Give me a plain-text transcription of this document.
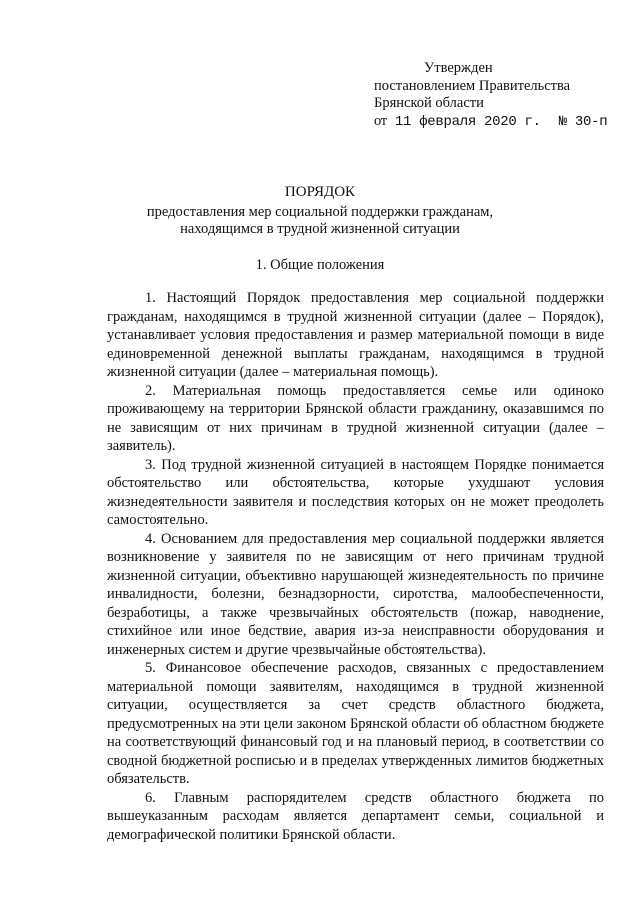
Утвержден
постановлением Правительства
Брянской области
от 11 февраля 2020 г. № 30-п
ПОРЯДОК
предоставления мер социальной поддержки гражданам,
находящимся в трудной жизненной ситуации
1. Общие положения

1. Настоящий Порядок предоставления мер социальной поддержки гражданам, находящимся в трудной жизненной ситуации (далее – Порядок), устанавливает условия предоставления и размер материальной помощи в виде единовременной денежной выплаты гражданам, находящимся в трудной жизненной ситуации (далее – материальная помощь).

2. Материальная помощь предоставляется семье или одиноко проживающему на территории Брянской области гражданину, оказавшимся по не зависящим от них причинам в трудной жизненной ситуации (далее – заявитель).

3. Под трудной жизненной ситуацией в настоящем Порядке понимается обстоятельство или обстоятельства, которые ухудшают условия жизнедеятельности заявителя и последствия которых он не может преодолеть самостоятельно.

4. Основанием для предоставления мер социальной поддержки является возникновение у заявителя по не зависящим от него причинам трудной жизненной ситуации, объективно нарушающей жизнедеятельность по причине инвалидности, болезни, безнадзорности, сиротства, малообеспеченности, безработицы, а также чрезвычайных обстоятельств (пожар, наводнение, стихийное или иное бедствие, авария из-за неисправности оборудования и инженерных систем и другие чрезвычайные обстоятельства).

5. Финансовое обеспечение расходов, связанных с предоставлением материальной помощи заявителям, находящимся в трудной жизненной ситуации, осуществляется за счет средств областного бюджета, предусмотренных на эти цели законом Брянской области об областном бюджете на соответствующий финансовый год и на плановый период, в соответствии со сводной бюджетной росписью и в пределах утвержденных лимитов бюджетных обязательств.

6. Главным распорядителем средств областного бюджета по вышеуказанным расходам является департамент семьи, социальной и демографической политики Брянской области.
